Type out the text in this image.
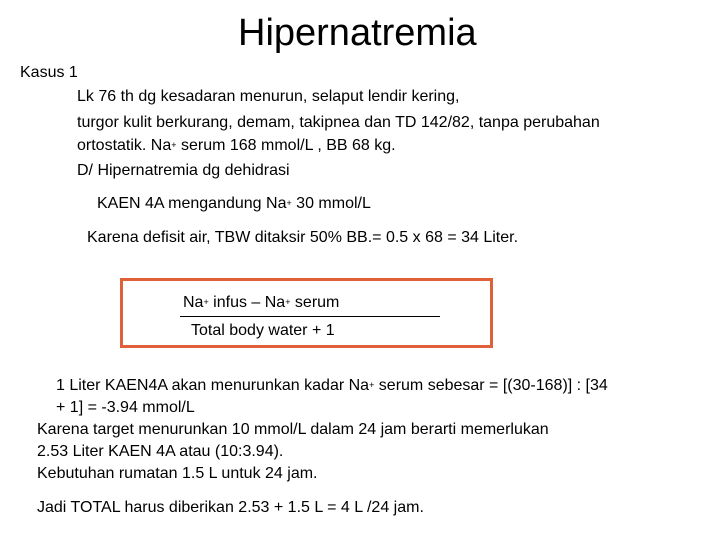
Hipernatremia
Kasus 1
Lk 76 th dg kesadaran menurun, selaput lendir kering,
turgor kulit berkurang, demam, takipnea dan TD 142/82, tanpa perubahan
ortostatik. Na+ serum 168 mmol/L , BB 68 kg.
D/ Hipernatremia dg dehidrasi
KAEN 4A mengandung Na+ 30 mmol/L
Karena defisit air, TBW ditaksir 50% BB.= 0.5 x 68 = 34 Liter.
Na+ infus – Na+ serum
Total body water + 1
1 Liter KAEN4A akan menurunkan kadar Na+ serum sebesar = [(30-168)] : [34
+ 1] = -3.94 mmol/L
Karena target menurunkan 10 mmol/L dalam 24 jam berarti memerlukan
2.53 Liter KAEN 4A atau (10:3.94).
Kebutuhan rumatan 1.5 L untuk 24 jam.
Jadi TOTAL harus diberikan 2.53 + 1.5 L = 4 L /24 jam.
